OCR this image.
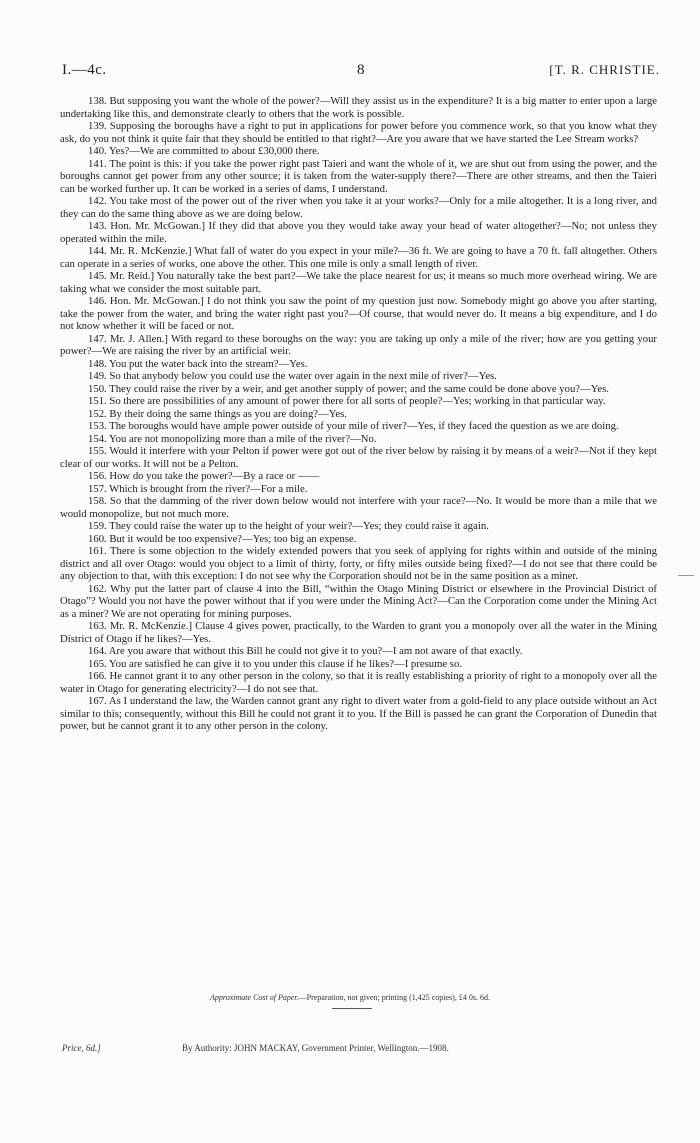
I.—4c.	8	[T. R. CHRISTIE.

138. But supposing you want the whole of the power?—Will they assist us in the expenditure? It is a big matter to enter upon a large undertaking like this, and demonstrate clearly to others that the work is possible.

139. Supposing the boroughs have a right to put in applications for power before you commence work, so that you know what they ask, do you not think it quite fair that they should be entitled to that right?—Are you aware that we have started the Lee Stream works?

140. Yes?—We are committed to about £30,000 there.

141. The point is this: if you take the power right past Taieri and want the whole of it, we are shut out from using the power, and the boroughs cannot get power from any other source; it is taken from the water-supply there?—There are other streams, and then the Taieri can be worked further up. It can be worked in a series of dams, I understand.

142. You take most of the power out of the river when you take it at your works?—Only for a mile altogether. It is a long river, and they can do the same thing above as we are doing below.

143. Hon. Mr. McGowan.] If they did that above you they would take away your head of water altogether?—No; not unless they operated within the mile.

144. Mr. R. McKenzie.] What fall of water do you expect in your mile?—36 ft. We are going to have a 70 ft. fall altogether. Others can operate in a series of works, one above the other. This one mile is only a small length of river.

145. Mr. Reid.] You naturally take the best part?—We take the place nearest for us; it means so much more overhead wiring. We are taking what we consider the most suitable part.

146. Hon. Mr. McGowan.] I do not think you saw the point of my question just now. Somebody might go above you after starting, take the power from the water, and bring the water right past you?—Of course, that would never do. It means a big expenditure, and I do not know whether it will be faced or not.

147. Mr. J. Allen.] With regard to these boroughs on the way: you are taking up only a mile of the river; how are you getting your power?—We are raising the river by an artificial weir.

148. You put the water back into the stream?—Yes.

149. So that anybody below you could use the water over again in the next mile of river?—Yes.

150. They could raise the river by a weir, and get another supply of power; and the same could be done above you?—Yes.

151. So there are possibilities of any amount of power there for all sorts of people?—Yes; working in that particular way.

152. By their doing the same things as you are doing?—Yes.

153. The boroughs would have ample power outside of your mile of river?—Yes, if they faced the question as we are doing.

154. You are not monopolizing more than a mile of the river?—No.

155. Would it interfere with your Pelton if power were got out of the river below by raising it by means of a weir?—Not if they kept clear of our works. It will not be a Pelton.

156. How do you take the power?—By a race or ——

157. Which is brought from the river?—For a mile.

158. So that the damming of the river down below would not interfere with your race?—No. It would be more than a mile that we would monopolize, but not much more.

159. They could raise the water up to the height of your weir?—Yes; they could raise it again.

160. But it would be too expensive?—Yes; too big an expense.

161. There is some objection to the widely extended powers that you seek of applying for rights within and outside of the mining district and all over Otago: would you object to a limit of thirty, forty, or fifty miles outside being fixed?—I do not see that there could be any objection to that, with this exception: I do not see why the Corporation should not be in the same position as a miner.

162. Why put the latter part of clause 4 into the Bill, “within the Otago Mining District or elsewhere in the Provincial District of Otago”? Would you not have the power without that if you were under the Mining Act?—Can the Corporation come under the Mining Act as a miner? We are not operating for mining purposes.

163. Mr. R. McKenzie.] Clause 4 gives power, practically, to the Warden to grant you a monopoly over all the water in the Mining District of Otago if he likes?—Yes.

164. Are you aware that without this Bill he could not give it to you?—I am not aware of that exactly.

165. You are satisfied he can give it to you under this clause if he likes?—I presume so.

166. He cannot grant it to any other person in the colony, so that it is really establishing a priority of right to a monopoly over all the water in Otago for generating electricity?—I do not see that.

167. As I understand the law, the Warden cannot grant any right to divert water from a gold-field to any place outside without an Act similar to this; consequently, without this Bill he could not grant it to you. If the Bill is passed he can grant the Corporation of Dunedin that power, but he cannot grant it to any other person in the colony.

Approximate Cost of Paper.—Preparation, not given; printing (1,425 copies), £4 0s. 6d.
Price, 6d.]	By Authority: JOHN MACKAY, Government Printer, Wellington.—1908.
